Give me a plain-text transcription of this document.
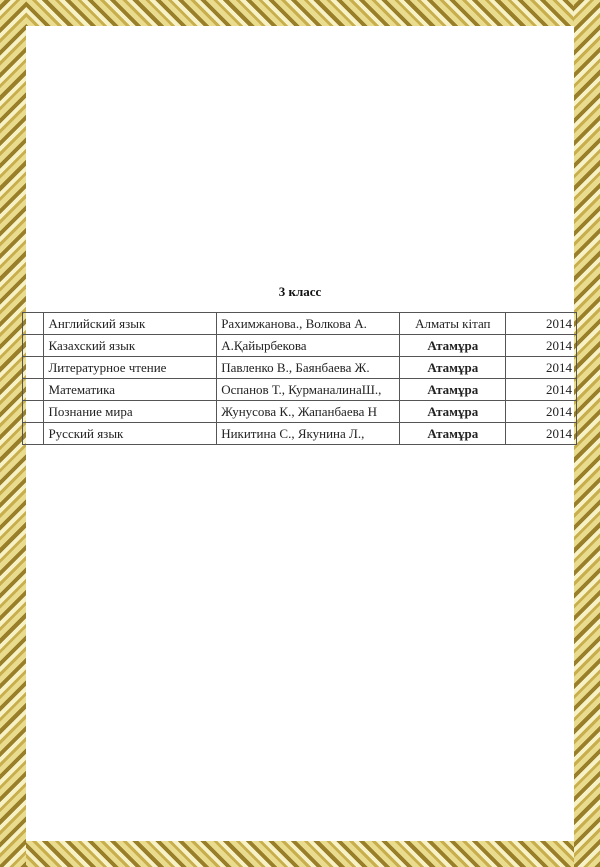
3 класс
	Английский язык	Рахимжанова., Волкова А.	Алматы кітап	2014
	Казахский язык	А.Қайырбекова	Атамұра	2014
	Литературное чтение	Павленко В., Баянбаева Ж.	Атамұра	2014
	Математика	Оспанов Т., КурманалинаШ.,	Атамұра	2014
	Познание мира	Жунусова К., Жапанбаева Н	Атамұра	2014
	Русский язык	Никитина С., Якунина Л.,	Атамұра	2014
